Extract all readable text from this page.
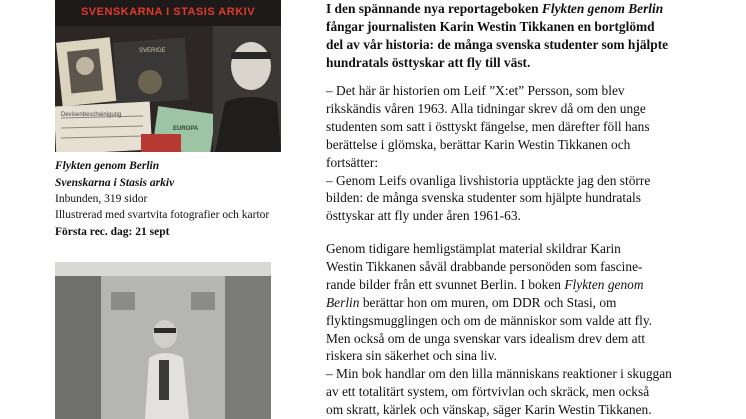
SVENSKARNA I STASIS ARKIV
Devisenbescheinigung
SVERIGE
EUROPA
Flykten genom Berlin
Svenskarna i Stasis arkiv
Inbunden, 319 sidor
Illustrerad med svartvita fotografier och kartor
Första rec. dag: 21 sept

I den spännande nya reportageboken Flykten genom Berlin

fångar journalisten Karin Westin Tikkanen en bortglömd

del av vår historia: de många svenska studenter som hjälpte

hundratals östtyskar att fly till väst.

– Det här är historien om Leif ”X:et” Persson, som blev

rikskändis våren 1963. Alla tidningar skrev då om den unge

studenten som satt i östtyskt fängelse, men därefter föll hans

berättelse i glömska, berättar Karin Westin Tikkanen och

fortsätter:

– Genom Leifs ovanliga livshistoria upptäckte jag den större

bilden: de många svenska studenter som hjälpte hundratals

östtyskar att fly under åren 1961-63.

Genom tidigare hemligstämplat material skildrar Karin

Westin Tikkanen såväl drabbande personöden som fascine-

rande bilder från ett svunnet Berlin. I boken Flykten genom

Berlin berättar hon om muren, om DDR och Stasi, om

flyktingsmugglingen och om de människor som valde att fly.

Men också om de unga svenskar vars idealism drev dem att

riskera sin säkerhet och sina liv.

– Min bok handlar om den lilla människans reaktioner i skuggan

av ett totalitärt system, om förtvivlan och skräck, men också

om skratt, kärlek och vänskap, säger Karin Westin Tikkanen.
